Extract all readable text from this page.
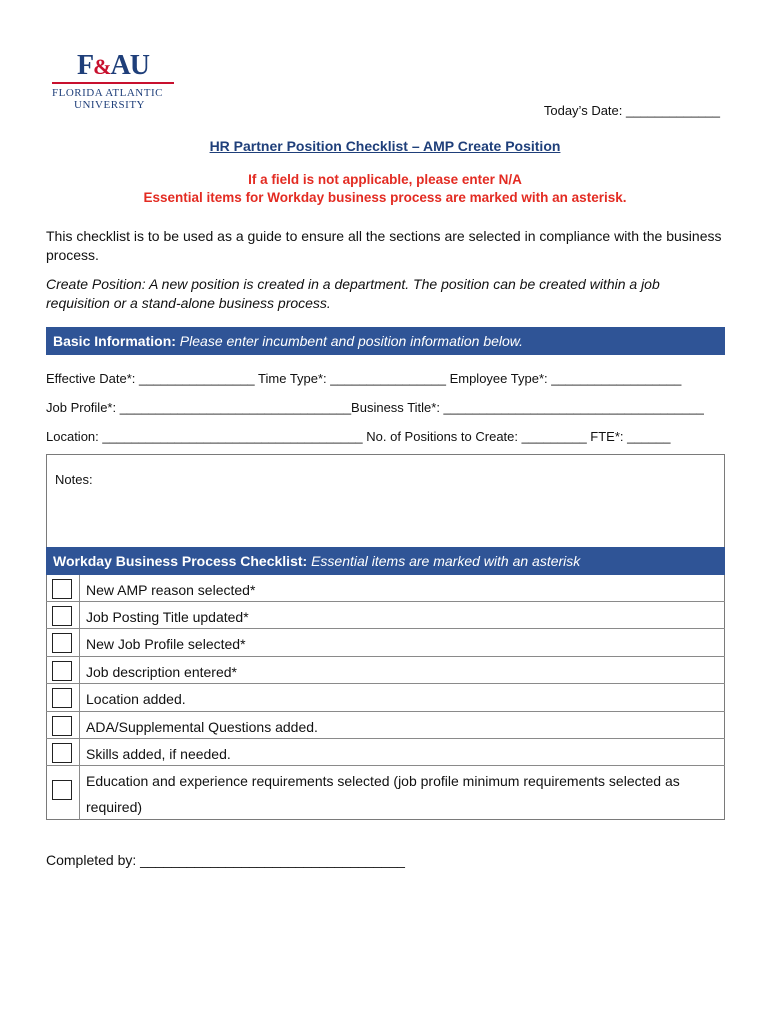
F&AU
FLORIDA ATLANTIC
UNIVERSITY	Today’s Date: _____________
HR Partner Position Checklist – AMP Create Position
If a field is not applicable, please enter N/A
Essential items for Workday business process are marked with an asterisk.
This checklist is to be used as a guide to ensure all the sections are selected in compliance with the business process.
Create Position: A new position is created in a department. The position can be created within a job requisition or a stand-alone business process.
Basic Information: Please enter incumbent and position information below.
Effective Date*: ________________ Time Type*: ________________ Employee Type*: __________________
Job Profile*: ________________________________Business Title*: ____________________________________
Location: ____________________________________ No. of Positions to Create: _________ FTE*: ______
Notes:
Workday Business Process Checklist: Essential items are marked with an asterisk
New AMP reason selected*
Job Posting Title updated*
New Job Profile selected*
Job description entered*
Location added.
ADA/Supplemental Questions added.
Skills added, if needed.
Education and experience requirements selected (job profile minimum requirements selected as required)
Completed by: __________________________________
